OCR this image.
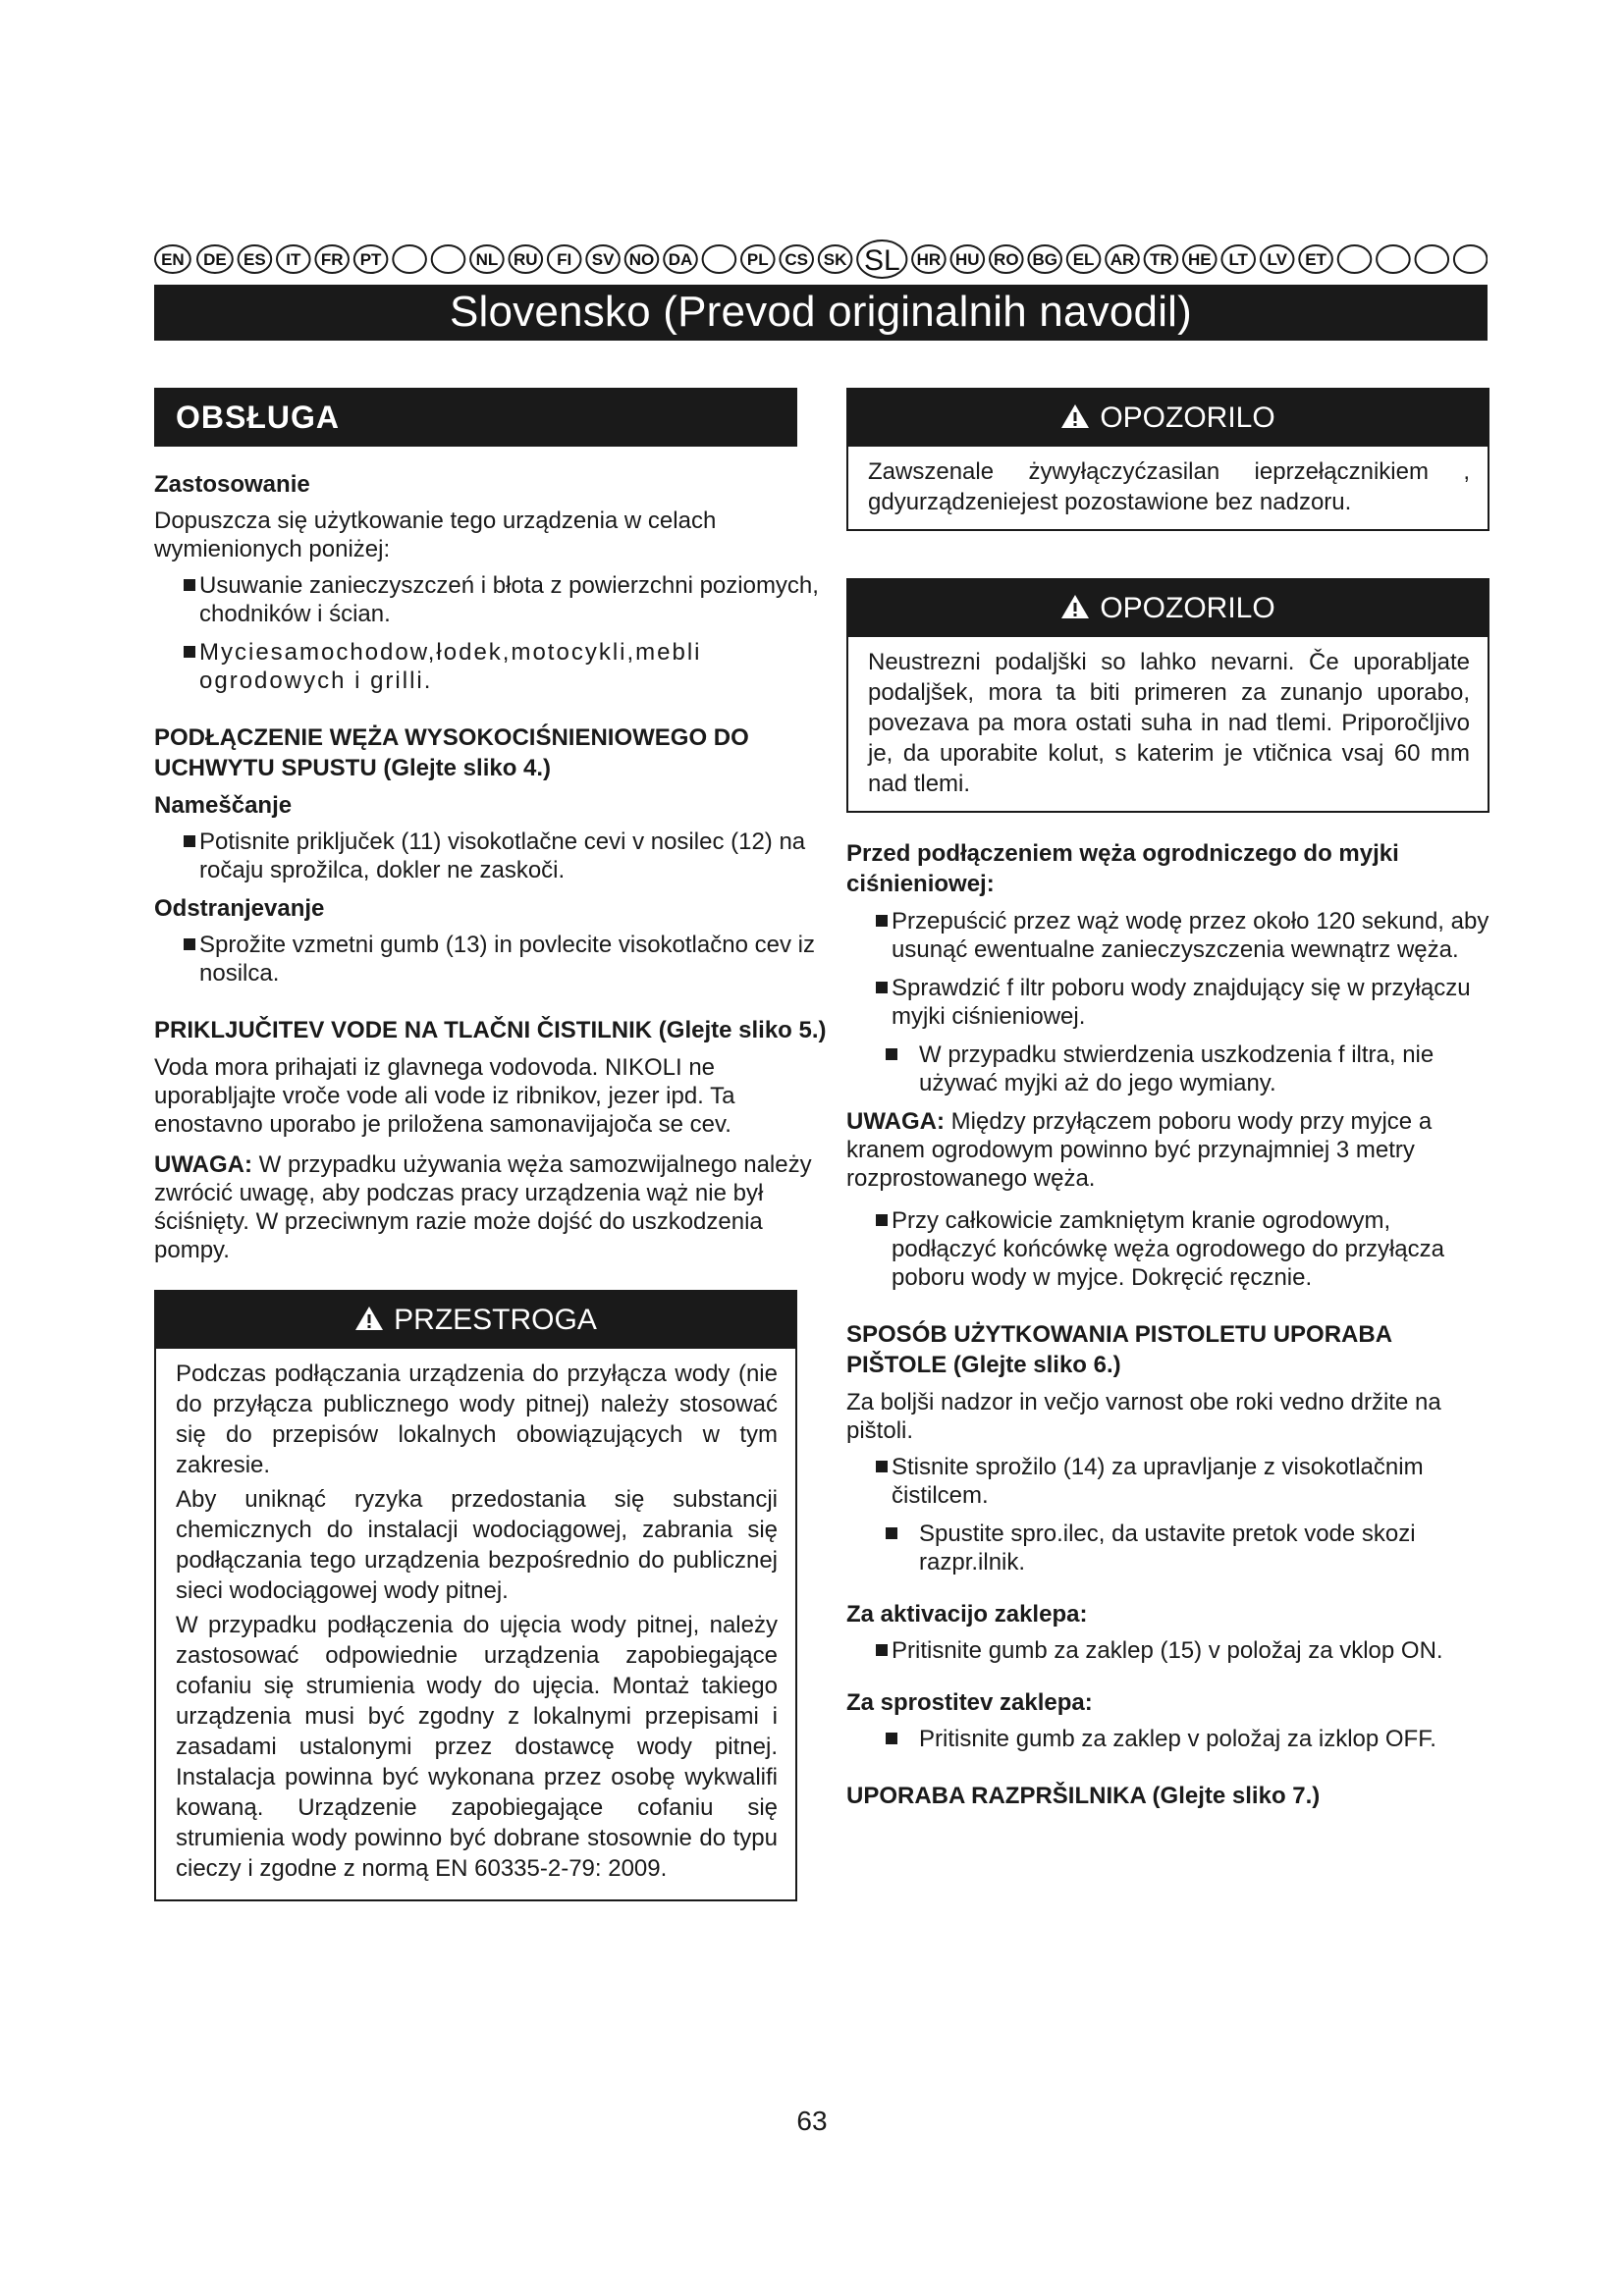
EN DE ES IT FR PT	NL RU FI SV NO DA	PL CS SK SL HR HU RO BG EL AR TR HE LT LV ET
Slovensko (Prevod originalnih navodil)
OBSŁUGA
Zastosowanie

Dopuszcza się użytkowanie tego urządzenia w celach wymienionych poniżej:

Usuwanie zanieczyszczeń i błota z powierzchni poziomych, chodników i ścian.
Myciesamochodow,łodek,motocykli,mebli ogrodowych i grilli.
PODŁĄCZENIE WĘŻA WYSOKOCIŚNIENIOWEGO DO UCHWYTU SPUSTU (Glejte sliko 4.)
Nameščanje
Potisnite priključek (11) visokotlačne cevi v nosilec (12) na ročaju sprožilca, dokler ne zaskoči.
Odstranjevanje
Sprožite vzmetni gumb (13) in povlecite visokotlačno cev iz nosilca.
PRIKLJUČITEV VODE NA TLAČNI ČISTILNIK (Glejte sliko 5.)

Voda mora prihajati iz glavnega vodovoda. NIKOLI ne uporabljajte vroče vode ali vode iz ribnikov, jezer ipd. Ta enostavno uporabo je priložena samonavijajoča se cev.

UWAGA: W przypadku używania węża samozwijalnego należy zwrócić uwagę, aby podczas pracy urządzenia wąż nie był ściśnięty. W przeciwnym razie może dojść do uszkodzenia pompy.

PRZESTROGA

Podczas podłączania urządzenia do przyłącza wody (nie do przyłącza publicznego wody pitnej) należy stosować się do przepisów lokalnych obowiązujących w tym zakresie.

Aby uniknąć ryzyka przedostania się substancji chemicznych do instalacji wodociągowej, zabrania się podłączania tego urządzenia bezpośrednio do publicznej sieci wodociągowej wody pitnej.

W przypadku podłączenia do ujęcia wody pitnej, należy zastosować odpowiednie urządzenia zapobiegające cofaniu się strumienia wody do ujęcia. Montaż takiego urządzenia musi być zgodny z lokalnymi przepisami i zasadami ustalonymi przez dostawcę wody pitnej. Instalacja powinna być wykonana przez osobę wykwalifi kowaną. Urządzenie zapobiegające cofaniu się strumienia wody powinno być dobrane stosownie do typu cieczy i zgodne z normą EN 60335-2-79: 2009.

OPOZORILO
Zawszenale żywyłączyćzasilan ieprzełącznikiem , gdyurządzeniejest pozostawione bez nadzoru.
OPOZORILO
Neustrezni podaljški so lahko nevarni. Če uporabljate podaljšek, mora ta biti primeren za zunanjo uporabo, povezava pa mora ostati suha in nad tlemi. Priporočljivo je, da uporabite kolut, s katerim je vtičnica vsaj 60 mm nad tlemi.
Przed podłączeniem węża ogrodniczego do myjki ciśnieniowej:
Przepuścić przez wąż wodę przez około 120 sekund, aby usunąć ewentualne zanieczyszczenia wewnątrz węża.
Sprawdzić f iltr poboru wody znajdujący się w przyłączu myjki ciśnieniowej.
W przypadku stwierdzenia uszkodzenia f iltra, nie używać myjki aż do jego wymiany.

UWAGA: Między przyłączem poboru wody przy myjce a kranem ogrodowym powinno być przynajmniej 3 metry rozprostowanego węża.

Przy całkowicie zamkniętym kranie ogrodowym, podłączyć końcówkę węża ogrodowego do przyłącza poboru wody w myjce. Dokręcić ręcznie.
SPOSÓB UŻYTKOWANIA PISTOLETU UPORABA PIŠTOLE (Glejte sliko 6.)

Za boljši nadzor in večjo varnost obe roki vedno držite na pištoli.

Stisnite sprožilo (14) za upravljanje z visokotlačnim čistilcem.
Spustite spro.ilec, da ustavite pretok vode skozi razpr.ilnik.
Za aktivacijo zaklepa:
Pritisnite gumb za zaklep (15) v položaj za vklop ON.
Za sprostitev zaklepa:
Pritisnite gumb za zaklep v položaj za izklop OFF.
UPORABA RAZPRŠILNIKA (Glejte sliko 7.)
63
